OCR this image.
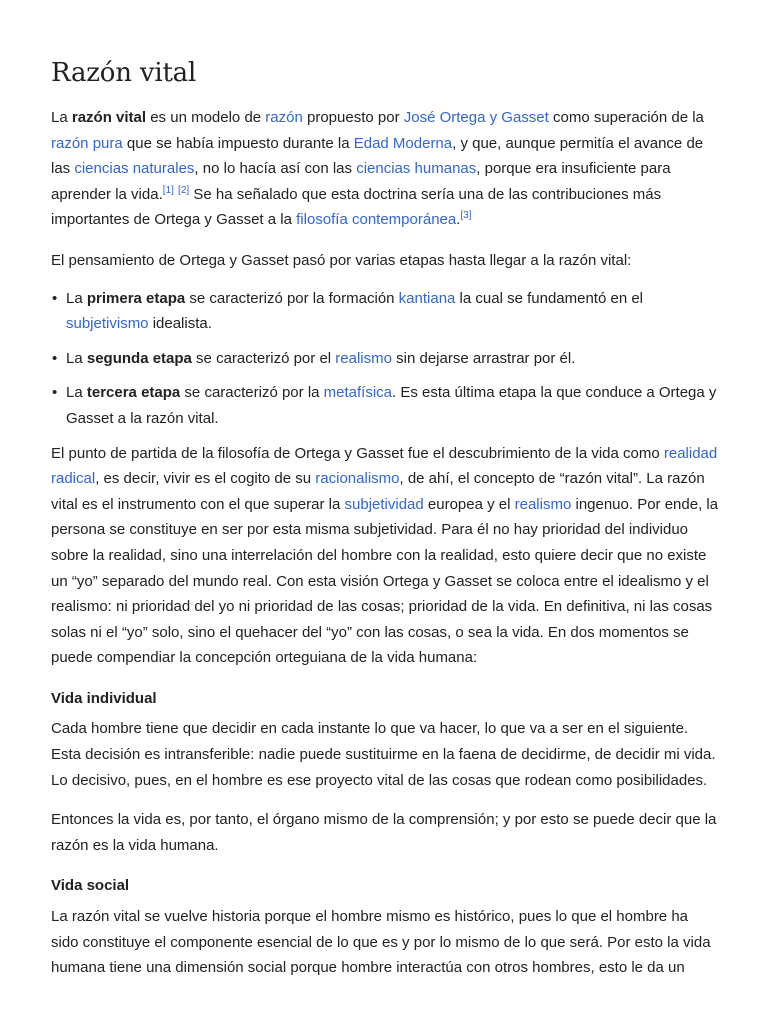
Razón vital

La razón vital es un modelo de razón propuesto por José Ortega y Gasset como superación de la razón pura que se había impuesto durante la Edad Moderna, y que, aunque permitía el avance de las ciencias naturales, no lo hacía así con las ciencias humanas, porque era insuficiente para aprender la vida.[1] [2] Se ha señalado que esta doctrina sería una de las contribuciones más importantes de Ortega y Gasset a la filosofía contemporánea.[3]

El pensamiento de Ortega y Gasset pasó por varias etapas hasta llegar a la razón vital:

• La primera etapa se caracterizó por la formación kantiana la cual se fundamentó en el subjetivismo idealista.
• La segunda etapa se caracterizó por el realismo sin dejarse arrastrar por él.
• La tercera etapa se caracterizó por la metafísica. Es esta última etapa la que conduce a Ortega y Gasset a la razón vital.

El punto de partida de la filosofía de Ortega y Gasset fue el descubrimiento de la vida como realidad radical, es decir, vivir es el cogito de su racionalismo, de ahí, el concepto de “razón vital”. La razón vital es el instrumento con el que superar la subjetividad europea y el realismo ingenuo. Por ende, la persona se constituye en ser por esta misma subjetividad. Para él no hay prioridad del individuo sobre la realidad, sino una interrelación del hombre con la realidad, esto quiere decir que no existe un “yo” separado del mundo real. Con esta visión Ortega y Gasset se coloca entre el idealismo y el realismo: ni prioridad del yo ni prioridad de las cosas; prioridad de la vida. En definitiva, ni las cosas solas ni el “yo” solo, sino el quehacer del “yo” con las cosas, o sea la vida. En dos momentos se puede compendiar la concepción orteguiana de la vida humana:

Vida individual

Cada hombre tiene que decidir en cada instante lo que va hacer, lo que va a ser en el siguiente. Esta decisión es intransferible: nadie puede sustituirme en la faena de decidirme, de decidir mi vida. Lo decisivo, pues, en el hombre es ese proyecto vital de las cosas que rodean como posibilidades.

Entonces la vida es, por tanto, el órgano mismo de la comprensión; y por esto se puede decir que la razón es la vida humana.

Vida social

La razón vital se vuelve historia porque el hombre mismo es histórico, pues lo que el hombre ha sido constituye el componente esencial de lo que es y por lo mismo de lo que será. Por esto la vida humana tiene una dimensión social porque hombre interactúa con otros hombres, esto le da un
